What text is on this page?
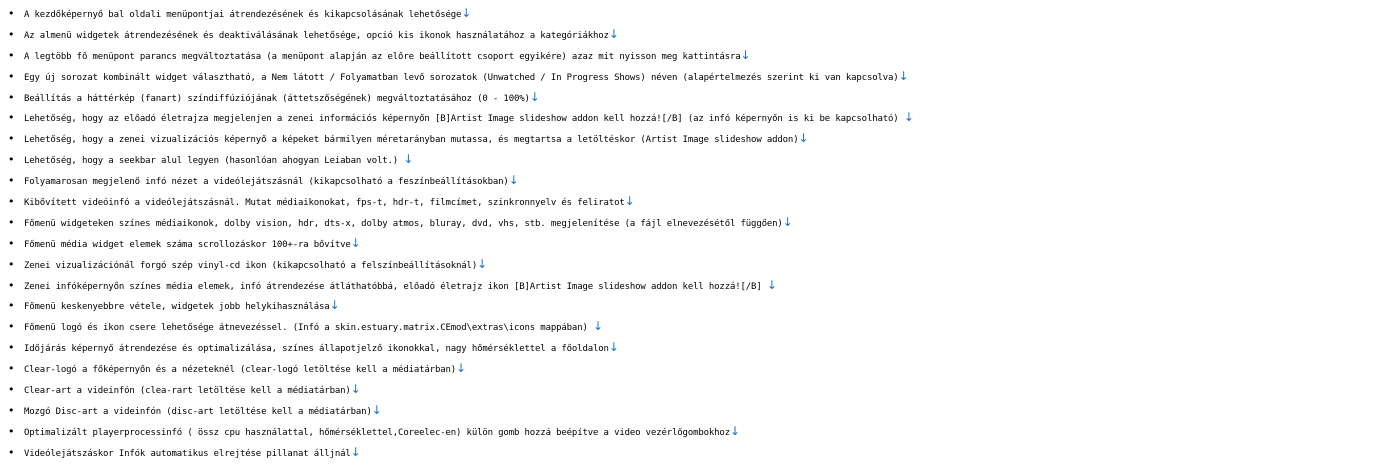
•	A kezdőképernyő bal oldali menüpontjai átrendezésének és kikapcsolásának lehetősége ↓
•	Az almenü widgetek átrendezésének és deaktiválásának lehetősége, opció kis ikonok használatához a kategóriákhoz ↓
•	A legtöbb fő menüpont parancs megváltoztatása (a menüpont alapján az előre beállított csoport egyikére) azaz mit nyisson meg kattintásra ↓
•	Egy új sorozat kombinált widget választható, a Nem látott / Folyamatban levő sorozatok (Unwatched / In Progress Shows) néven (alapértelmezés szerint ki van kapcsolva) ↓
•	Beállítás a háttérkép (fanart) színdiffúziójának (áttetszőségének) megváltoztatásához (0 - 100%) ↓
•	Lehetőség, hogy az előadó életrajza megjelenjen a zenei információs képernyőn [B]Artist Image slideshow addon kell hozzá![/B] (az infó képernyőn is ki be kapcsolható)
↓
•	Lehetőség, hogy a zenei vizualizációs képernyő a képeket bármilyen méretarányban mutassa, és megtartsa a letöltéskor (Artist Image slideshow addon) ↓
•	Lehetőség, hogy a seekbar alul legyen (hasonlóan ahogyan Leiaban volt.)
↓
•	Folyamarosan megjelenő infó nézet a videólejátszásnál (kikapcsolható a feszínbeállításokban) ↓
•	Kibővített videóinfó a videólejátszásnál. Mutat médiaikonokat, fps-t, hdr-t, filmcímet, szinkronnyelv és feliratot ↓
•	Főmenü widgeteken színes médiaikonok, dolby vision, hdr, dts-x, dolby atmos, bluray, dvd, vhs, stb. megjelenítése (a fájl elnevezésétől függően) ↓
•	Főmenü média widget elemek száma scrollozáskor 100+-ra bővítve ↓
•	Zenei vizualizációnál forgó szép vinyl-cd ikon (kikapcsolható a felszínbeállításoknál) ↓
•	Zenei infóképernyőn színes média elemek, infó átrendezése átláthatóbbá, előadó életrajz ikon [B]Artist Image slideshow addon kell hozzá![/B]
↓
•	Főmenü keskenyebbre vétele, widgetek jobb helykihasználása ↓
•	Főmenü logó és ikon csere lehetősége átnevezéssel. (Infó a skin.estuary.matrix.CEmod\extras\icons mappában)
↓
•	Időjárás képernyő átrendezése és optimalizálása, színes állapotjelző ikonokkal, nagy hőmérséklettel a főoldalon ↓
•	Clear-logó a főképernyőn és a nézeteknél (clear-logó letöltése kell a médiatárban) ↓
•	Clear-art a videinfón (clea-rart letöltése kell a médiatárban) ↓
•	Mozgó Disc-art a videinfón (disc-art letöltése kell a médiatárban) ↓
•	Optimalizált playerprocessinfó ( össz cpu használattal, hőmérséklettel,Coreelec-en) külön gomb hozzá beépítve a video vezérlőgombokhoz ↓
•	Videólejátszáskor Infók automatikus elrejtése pillanat álljnál ↓
